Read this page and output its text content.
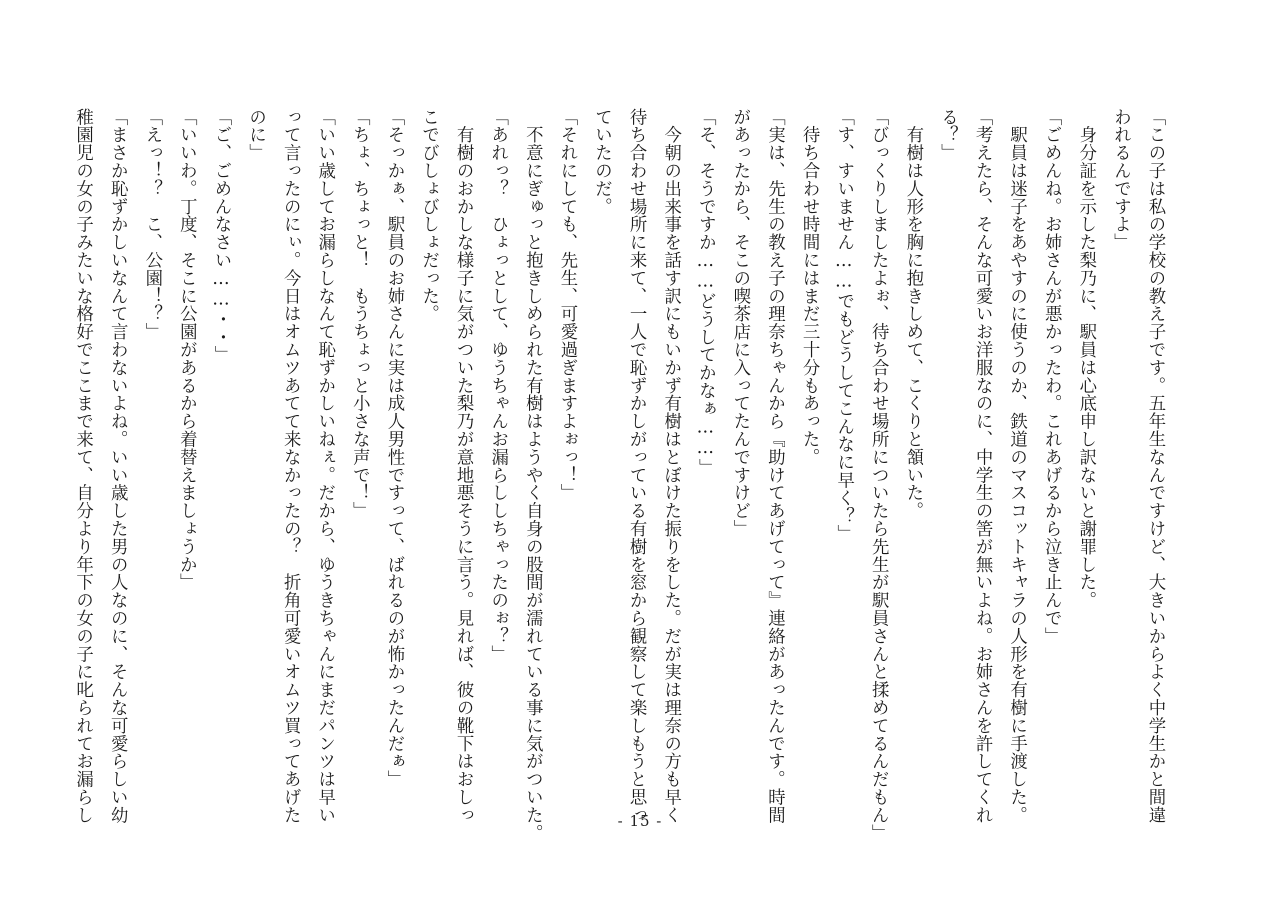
「この子は私の学校の教え子です。五年生なんですけど、大きいからよく中学生かと間違
われるんですよ」
　身分証を示した梨乃に、駅員は心底申し訳ないと謝罪した。
「ごめんね。お姉さんが悪かったわ。これあげるから泣き止んで」
　駅員は迷子をあやすのに使うのか、鉄道のマスコットキャラの人形を有樹に手渡した。
「考えたら、そんな可愛いお洋服なのに、中学生の筈が無いよね。お姉さんを許してくれ
る？」
　有樹は人形を胸に抱きしめて、こくりと頷いた。
「びっくりしましたよぉ、待ち合わせ場所についたら先生が駅員さんと揉めてるんだもん」
「す、すいません……でもどうしてこんなに早く？」
　待ち合わせ時間にはまだ三十分もあった。
「実は、先生の教え子の理奈ちゃんから『助けてあげてって』連絡があったんです。時間
があったから、そこの喫茶店に入ってたんですけど」
「そ、そうですか……どうしてかなぁ……」
　今朝の出来事を話す訳にもいかず有樹はとぼけた振りをした。だが実は理奈の方も早く
待ち合わせ場所に来て、一人で恥ずかしがっている有樹を窓から観察して楽しもうと思っ
ていたのだ。
「それにしても、先生、可愛過ぎますよぉっ！」
　不意にぎゅっと抱きしめられた有樹はようやく自身の股間が濡れている事に気がついた。
「あれっ？　ひょっとして、ゆうちゃんお漏らししちゃったのぉ？」
　有樹のおかしな様子に気がついた梨乃が意地悪そうに言う。見れば、彼の靴下はおしっ
こでびしょびしょだった。
「そっかぁ、駅員のお姉さんに実は成人男性ですって、ばれるのが怖かったんだぁ」
「ちょ、ちょっと！　もうちょっと小さな声で！」
「いい歳してお漏らしなんて恥ずかしいねぇ。だから、ゆうきちゃんにまだパンツは早い
って言ったのにぃ。今日はオムツあてて来なかったの？　折角可愛いオムツ買ってあげた
のに」
「ご、ごめんなさい……・・」
「いいわ。丁度、そこに公園があるから着替えましょうか」
「えっ！？　こ、公園！？」
「まさか恥ずかしいなんて言わないよね。いい歳した男の人なのに、そんな可愛らしい幼
稚園児の女の子みたいな格好でここまで来て、自分より年下の女の子に叱られてお漏らし	- 15 -
